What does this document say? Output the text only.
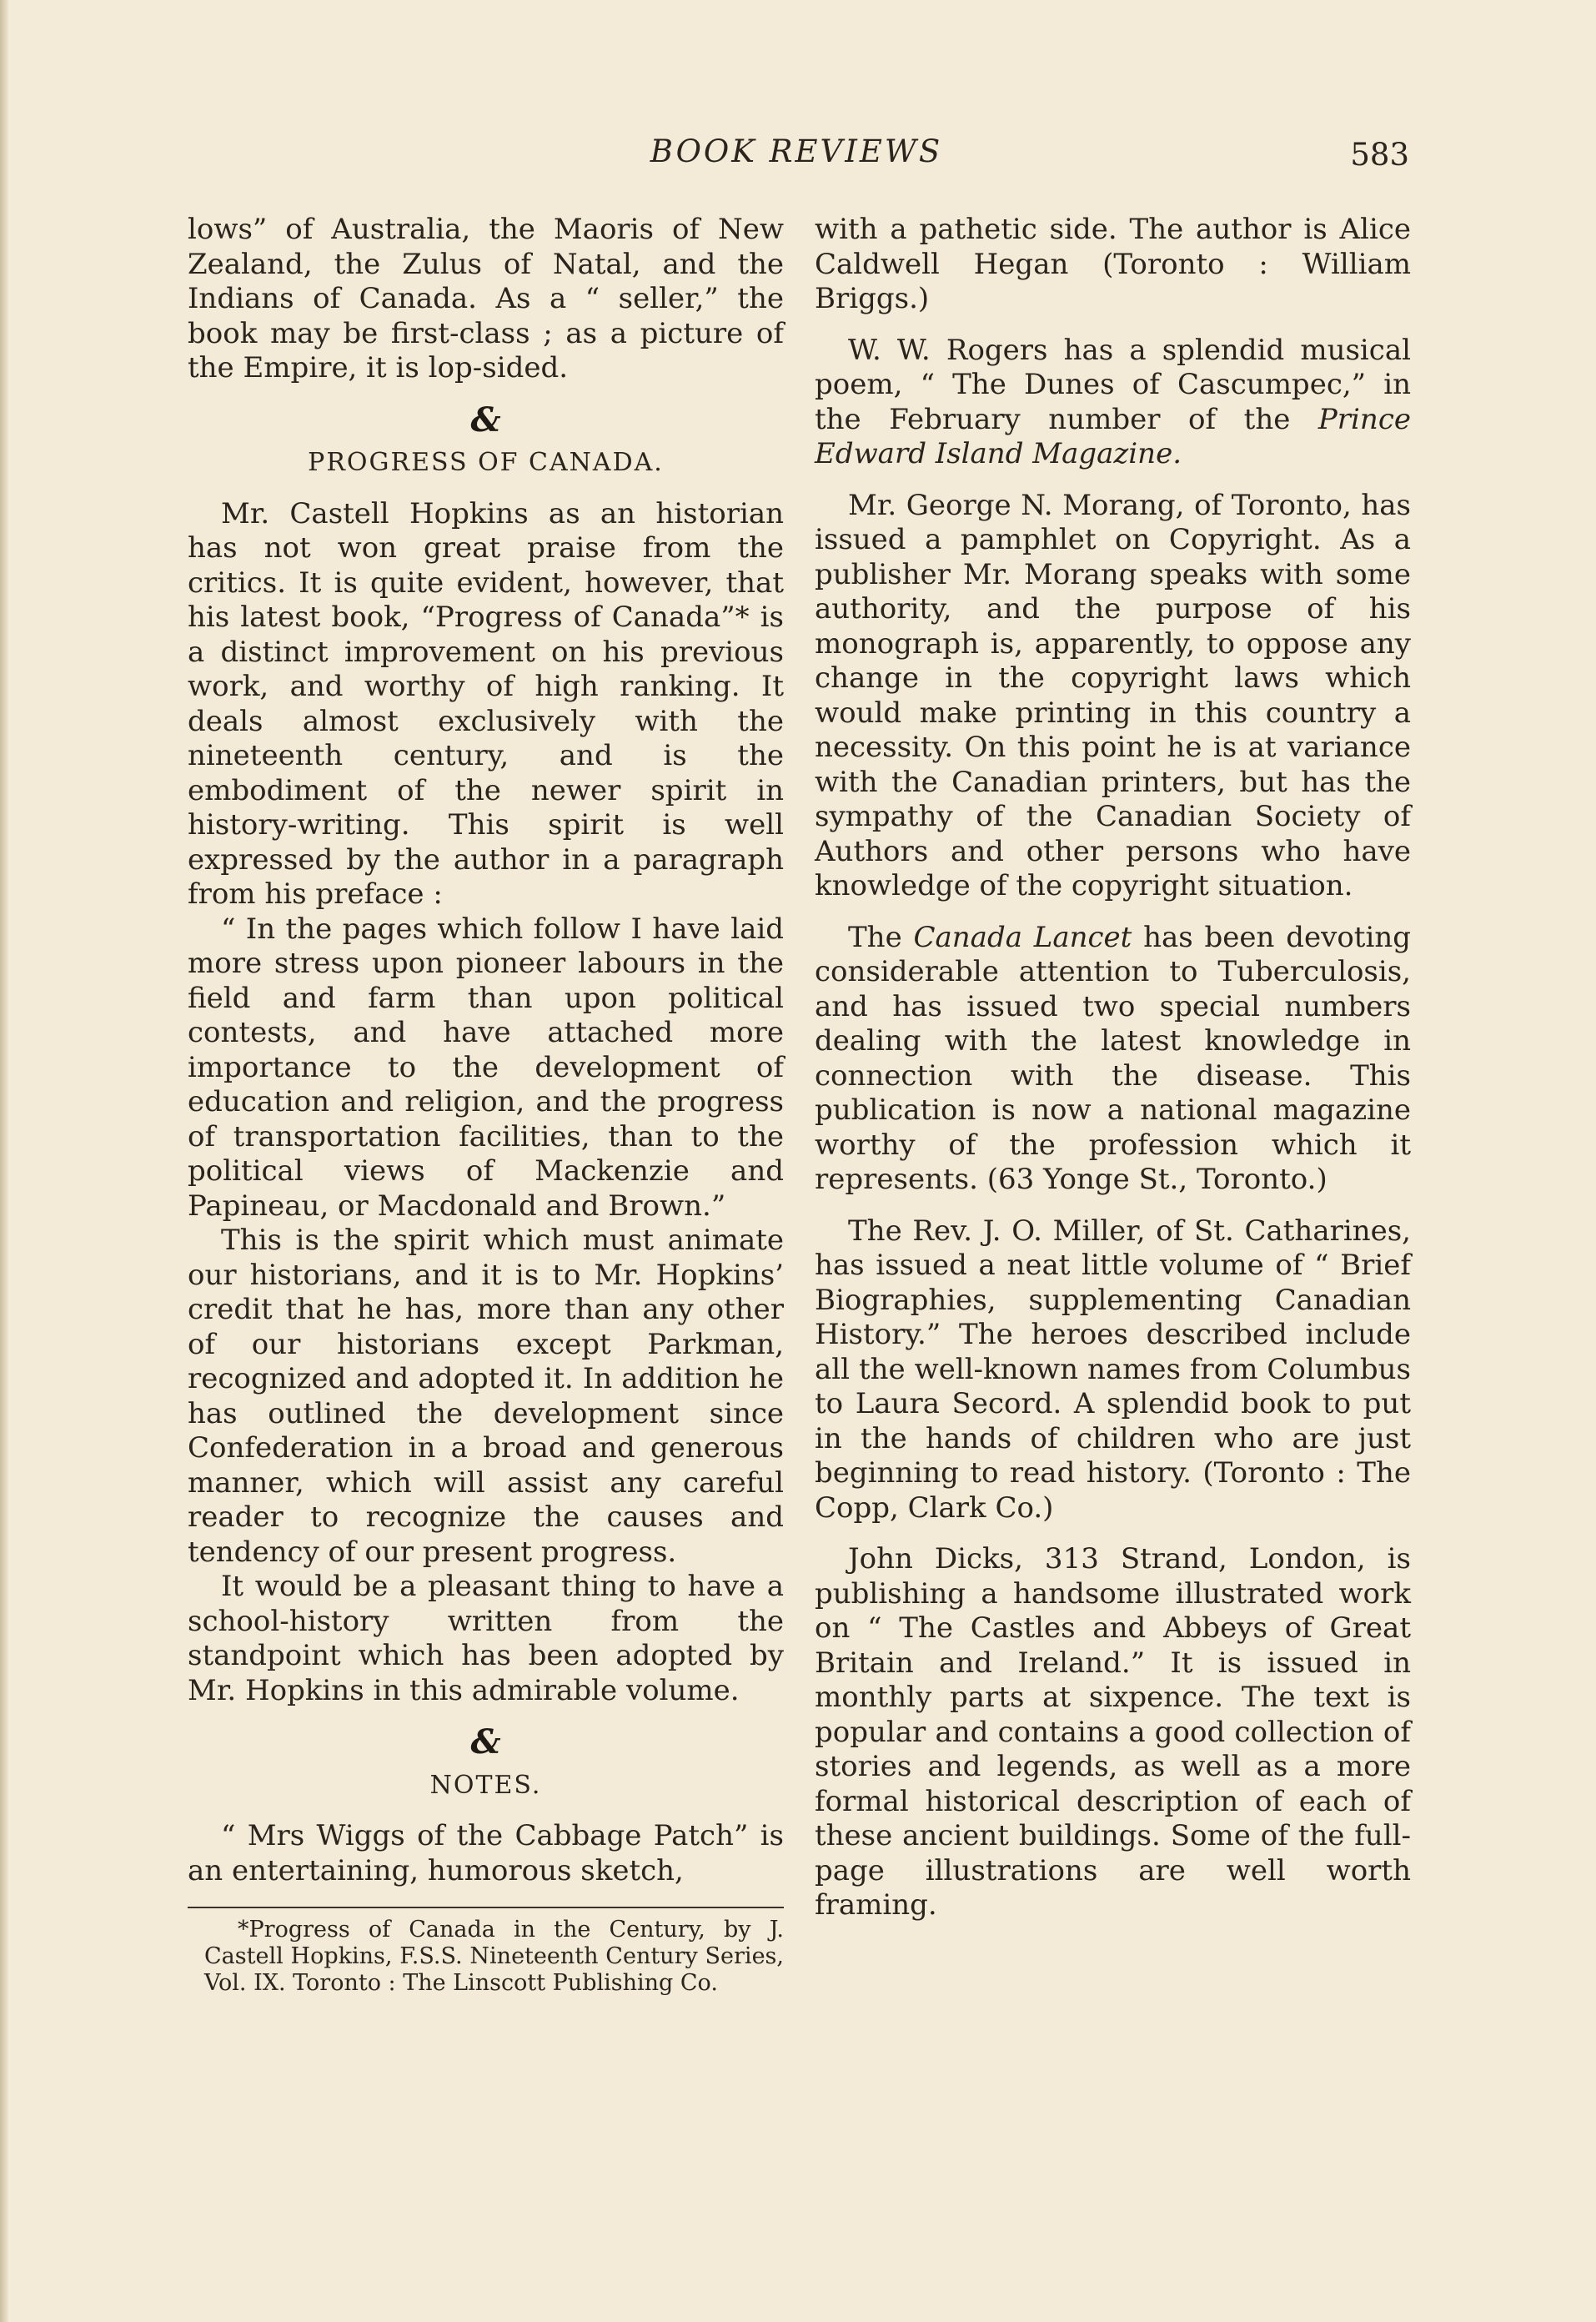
BOOK REVIEWS	583

lows” of Australia, the Maoris of New Zealand, the Zulus of Natal, and the Indians of Canada. As a “ seller,” the book may be first-class ; as a picture of the Empire, it is lop-sided.

&
PROGRESS OF CANADA.

Mr. Castell Hopkins as an historian has not won great praise from the critics. It is quite evident, however, that his latest book, “Progress of Canada”* is a distinct improvement on his previous work, and worthy of high ranking. It deals almost exclusively with the nineteenth century, and is the embodiment of the newer spirit in history-writing. This spirit is well expressed by the author in a paragraph from his preface :

“ In the pages which follow I have laid more stress upon pioneer labours in the field and farm than upon political contests, and have attached more importance to the development of education and religion, and the progress of transportation facilities, than to the political views of Mackenzie and Papineau, or Macdonald and Brown.”

This is the spirit which must animate our historians, and it is to Mr. Hopkins’ credit that he has, more than any other of our historians except Parkman, recognized and adopted it. In addition he has outlined the development since Confederation in a broad and generous manner, which will assist any careful reader to recognize the causes and tendency of our present progress.

It would be a pleasant thing to have a school-history written from the standpoint which has been adopted by Mr. Hopkins in this admirable volume.

&
NOTES.

“ Mrs Wiggs of the Cabbage Patch” is an entertaining, humorous sketch,

*Progress of Canada in the Century, by J. Castell Hopkins, F.S.S. Nineteenth Century Series, Vol. IX. Toronto : The Linscott Publishing Co.

with a pathetic side. The author is Alice Caldwell Hegan (Toronto : William Briggs.)

W. W. Rogers has a splendid musical poem, “ The Dunes of Cascumpec,” in the February number of the Prince Edward Island Magazine.

Mr. George N. Morang, of Toronto, has issued a pamphlet on Copyright. As a publisher Mr. Morang speaks with some authority, and the purpose of his monograph is, apparently, to oppose any change in the copyright laws which would make printing in this country a necessity. On this point he is at variance with the Canadian printers, but has the sympathy of the Canadian Society of Authors and other persons who have knowledge of the copyright situation.

The Canada Lancet has been devoting considerable attention to Tuberculosis, and has issued two special numbers dealing with the latest knowledge in connection with the disease. This publication is now a national magazine worthy of the profession which it represents. (63 Yonge St., Toronto.)

The Rev. J. O. Miller, of St. Catharines, has issued a neat little volume of “ Brief Biographies, supplementing Canadian History.” The heroes described include all the well-known names from Columbus to Laura Secord. A splendid book to put in the hands of children who are just beginning to read history. (Toronto : The Copp, Clark Co.)

John Dicks, 313 Strand, London, is publishing a handsome illustrated work on “ The Castles and Abbeys of Great Britain and Ireland.” It is issued in monthly parts at sixpence. The text is popular and contains a good collection of stories and legends, as well as a more formal historical description of each of these ancient buildings. Some of the full-page illustrations are well worth framing.
